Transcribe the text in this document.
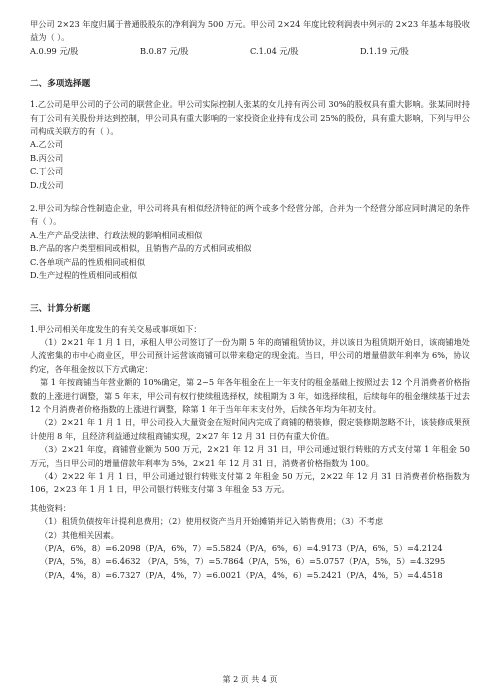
甲公司 2×23 年度归属于普通股股东的净利润为 500 万元。甲公司 2×24 年度比较利润表中列示的 2×23 年基本每股收益为（ ）。

A.0.99 元/股	B.0.87 元/股	C.1.04 元/股	D.1.19 元/股
二、多项选择题

1.乙公司是甲公司的子公司的联营企业。甲公司实际控制人张某的女儿持有丙公司 30%的股权具有重大影响。张某同时持有丁公司有关股份并达到控制，甲公司具有重大影响的一家投资企业持有戊公司 25%的股份，具有重大影响，下列与甲公司构成关联方的有（ ）。

A.乙公司

B.丙公司

C.丁公司

D.戊公司

2.甲公司为综合性制造企业，甲公司将具有相似经济特征的两个或多个经营分部，合并为一个经营分部应同时满足的条件有（ ）。

A.生产产品受法律、行政法规的影响相同或相似

B.产品的客户类型相同或相似，且销售产品的方式相同或相似

C.各单项产品的性质相同或相似

D.生产过程的性质相同或相似

三、计算分析题

1.甲公司相关年度发生的有关交易或事项如下：

（1）2×21 年 1 月 1 日，承租人甲公司签订了一份为期 5 年的商铺租赁协议，并以该日为租赁期开始日，该商铺地处人流密集的市中心商业区，甲公司预计运营该商铺可以带来稳定的现金流。当日，甲公司的增量借款年利率为 6%，协议约定，各年租金按以下方式确定：

第 1 年按商铺当年营业额的 10%确定，第 2~5 年各年租金在上一年支付的租金基础上按照过去 12 个月消费者价格指数的上涨进行调整，第 5 年末，甲公司有权行使续租选择权，续租期为 3 年，如选择续租，后续每年的租金继续基于过去 12 个月消费者价格指数的上涨进行调整，除第 1 年于当年年末支付外，后续各年均为年初支付。

（2）2×21 年 1 月 1 日，甲公司投入大量资金在短时间内完成了商铺的精装修，假定装修期忽略不计，该装修成果预计使用 8 年，且经济利益通过续租商铺实现，2×27 年 12 月 31 日仍有重大价值。

（3）2×21 年度，商铺营业额为 500 万元，2×21 年 12 月 31 日，甲公司通过银行转账的方式支付第 1 年租金 50 万元，当日甲公司的增量借款年利率为 5%，2×21 年 12 月 31 日，消费者价格指数为 100。

（4）2×22 年 1 月 1 日，甲公司通过银行转账支付第 2 年租金 50 万元，2×22 年 12 月 31 日消费者价格指数为 106，2×23 年 1 月 1 日，甲公司银行转账支付第 3 年租金 53 万元。

其他资料：

（1）租赁负债按年计提利息费用；（2）使用权资产当月开始摊销并记入销售费用；（3）不考虑

（2）其他相关因素。

（P/A，6%，8）=6.2098（P/A，6%，7）=5.5824（P/A，6%，6）=4.9173（P/A，6%，5）=4.2124

（P/A，5%，8）=6.4632 （P/A，5%，7）=5.7864（P/A，5%，6）=5.0757（P/A，5%，5）=4.3295

（P/A，4%，8）=6.7327（P/A，4%，7）=6.0021（P/A，4%，6）=5.2421（P/A，4%，5）=4.4518

第 2 页 共 4 页
